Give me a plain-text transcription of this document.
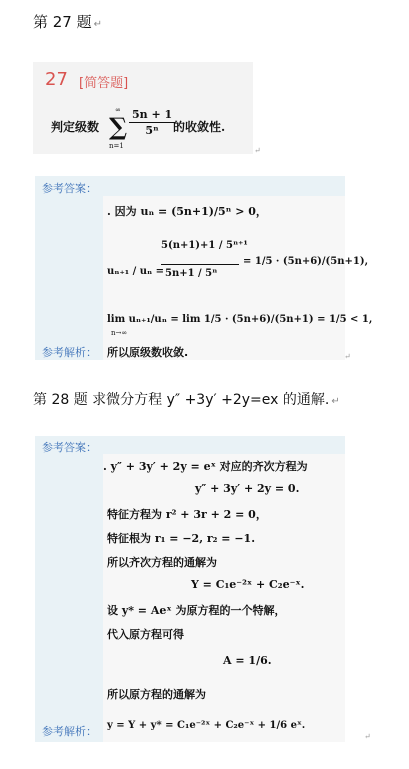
第 27 题 ↵
27 [简答题]
判定级数
∞
∑
n=1
$\frac{5n + 1}{\text{5ⁿ}}$
的收敛性.
↵
参考答案：
. 因为 uₙ = (5n+1)/5ⁿ > 0，
uₙ₊₁ / uₙ =
5(n+1)+1 / 5ⁿ⁺¹
5n+1 / 5ⁿ
= 1/5 · (5n+6)/(5n+1),
lim uₙ₊₁/uₙ = lim 1/5 · (5n+6)/(5n+1) = 1/5 < 1,
n→∞
所以原级数收敛.
参考解析：	↵
第 28 题 求微分方程 y″ +3y′ +2y=ex 的通解. ↵
参考答案：
. y″ + 3y′ + 2y = eˣ 对应的齐次方程为
y″ + 3y′ + 2y = 0.
特征方程为 r² + 3r + 2 = 0，
特征根为 r₁ = −2, r₂ = −1.
所以齐次方程的通解为
Y = C₁e⁻²ˣ + C₂e⁻ˣ.
设 y* = Aeˣ 为原方程的一个特解，
代入原方程可得
A = 1/6.
所以原方程的通解为
y = Y + y* = C₁e⁻²ˣ + C₂e⁻ˣ + 1/6 eˣ.
参考解析：	↵
